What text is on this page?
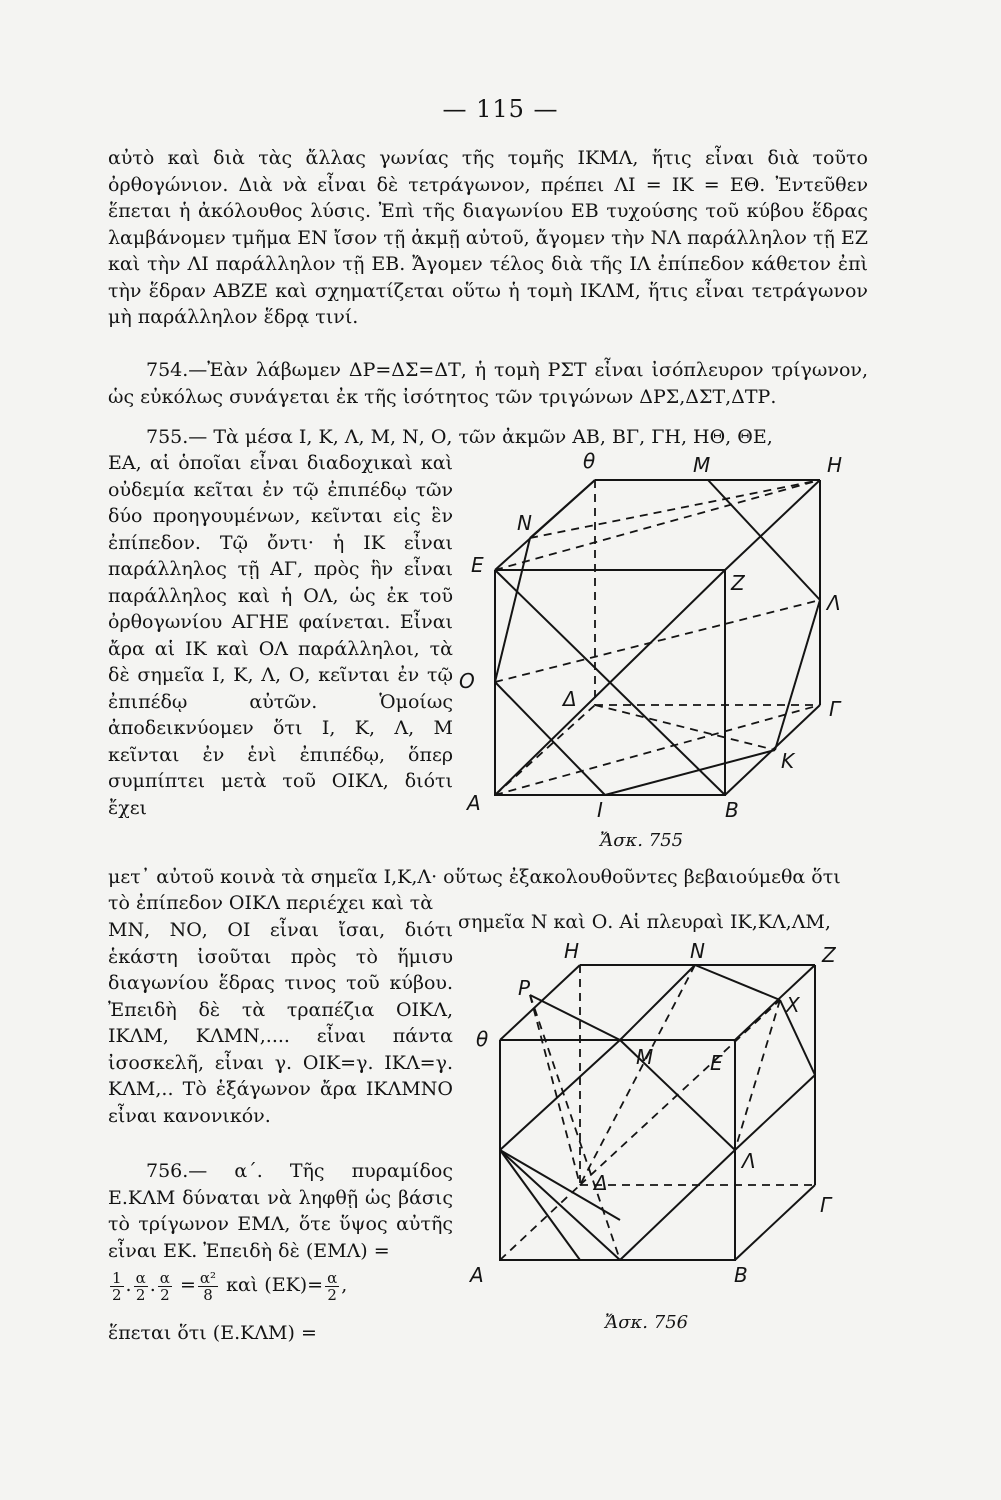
— 115 —

αὐτὸ καὶ διὰ τὰς ἄλλας γωνίας τῆς τομῆς ΙΚΜΛ, ἥτις εἶναι διὰ τοῦτο ὀρθογώνιον. Διὰ νὰ εἶναι δὲ τετράγωνον, πρέπει ΛΙ = ΙΚ = ΕΘ. Ἐντεῦθεν ἕπεται ἡ ἀκόλουθος λύσις. Ἐπὶ τῆς διαγωνίου ΕΒ τυχούσης τοῦ κύβου ἕδρας λαμβάνομεν τμῆμα ΕΝ ἴσον τῇ ἀκμῇ αὐτοῦ, ἄγομεν τὴν ΝΛ παράλληλον τῇ ΕΖ καὶ τὴν ΛΙ παράλληλον τῇ ΕΒ. Ἄγομεν τέλος διὰ τῆς ΙΛ ἐπίπεδον κάθετον ἐπὶ τὴν ἕδραν ΑΒΖΕ καὶ σχηματίζεται οὕτω ἡ τομὴ ΙΚΛΜ, ἥτις εἶναι τετράγωνον μὴ παράλληλον ἕδρᾳ τινί.

754.—Ἐὰν λάβωμεν ΔΡ=ΔΣ=ΔΤ, ἡ τομὴ ΡΣΤ εἶναι ἰσόπλευρον τρίγωνον, ὡς εὐκόλως συνάγεται ἐκ τῆς ἰσότητος τῶν τριγώνων ΔΡΣ,ΔΣΤ,ΔΤΡ.

755.— Τὰ μέσα Ι, Κ, Λ, Μ, Ν, Ο, τῶν ἀκμῶν ΑΒ, ΒΓ, ΓΗ, ΗΘ, ΘΕ,

ΕΑ, αἱ ὁποῖαι εἶναι διαδοχικαὶ καὶ οὐδεμία κεῖται ἐν τῷ ἐπιπέδῳ τῶν δύο προηγουμένων, κεῖνται εἰς ἓν ἐπίπεδον. Τῷ ὄντι· ἡ ΙΚ εἶναι παράλληλος τῇ ΑΓ, πρὸς ἣν εἶναι παράλληλος καὶ ἡ ΟΛ, ὡς ἐκ τοῦ ὀρθογωνίου ΑΓΗΕ φαίνεται. Εἶναι ἄρα αἱ ΙΚ καὶ ΟΛ παράλληλοι, τὰ δὲ σημεῖα Ι, Κ, Λ, Ο, κεῖνται ἐν τῷ ἐπιπέδῳ αὐτῶν. Ὁμοίως ἀποδεικνύομεν ὅτι Ι, Κ, Λ, Μ κεῖνται ἐν ἑνὶ ἐπιπέδῳ, ὅπερ συμπίπτει μετὰ τοῦ ΟΙΚΛ, διότι ἔχει

θ	M	H
N
E
Z
Λ
O
Δ	Γ
K
A	I	B
Ἄσκ. 755

μετ᾽ αὐτοῦ κοινὰ τὰ σημεῖα Ι,Κ,Λ· οὕτως ἐξακολουθοῦντες βεβαιούμεθα ὅτι

τὸ ἐπίπεδον ΟΙΚΛ περιέχει καὶ τὰ

σημεῖα Ν καὶ Ο. Αἱ πλευραὶ ΙΚ,ΚΛ,ΛΜ,

ΜΝ, ΝΟ, ΟΙ εἶναι ἴσαι, διότι ἑκάστη ἰσοῦται πρὸς τὸ ἥμισυ διαγωνίου ἕδρας τινος τοῦ κύβου. Ἐπειδὴ δὲ τὰ τραπέζια ΟΙΚΛ, ΙΚΛΜ, ΚΛΜΝ,.... εἶναι πάντα ἰσοσκελῆ, εἶναι γ. ΟΙΚ=γ. ΙΚΛ=γ. ΚΛΜ,.. Τὸ ἑξάγωνον ἄρα ΙΚΛΜΝΟ εἶναι κανονικόν.

756.— α΄. Τῆς πυραμίδος Ε.ΚΛΜ δύναται νὰ ληφθῇ ὡς βάσις τὸ τρίγωνον ΕΜΛ, ὅτε ὕψος αὐτῆς εἶναι ΕΚ. Ἐπειδὴ δὲ (ΕΜΛ) =

$\frac{1}{2}$ . $\frac{\alpha}{2}$ . $\frac{\alpha}{2} = \frac{\text{α²}}{8}$ καὶ $(EK)= \frac{\alpha}{2}$ ,

ἕπεται ὅτι (Ε.ΚΛΜ) =

H	N	Z
P
X
θ
M	E
Λ
Δ
Γ
A	B
Ἄσκ. 756
